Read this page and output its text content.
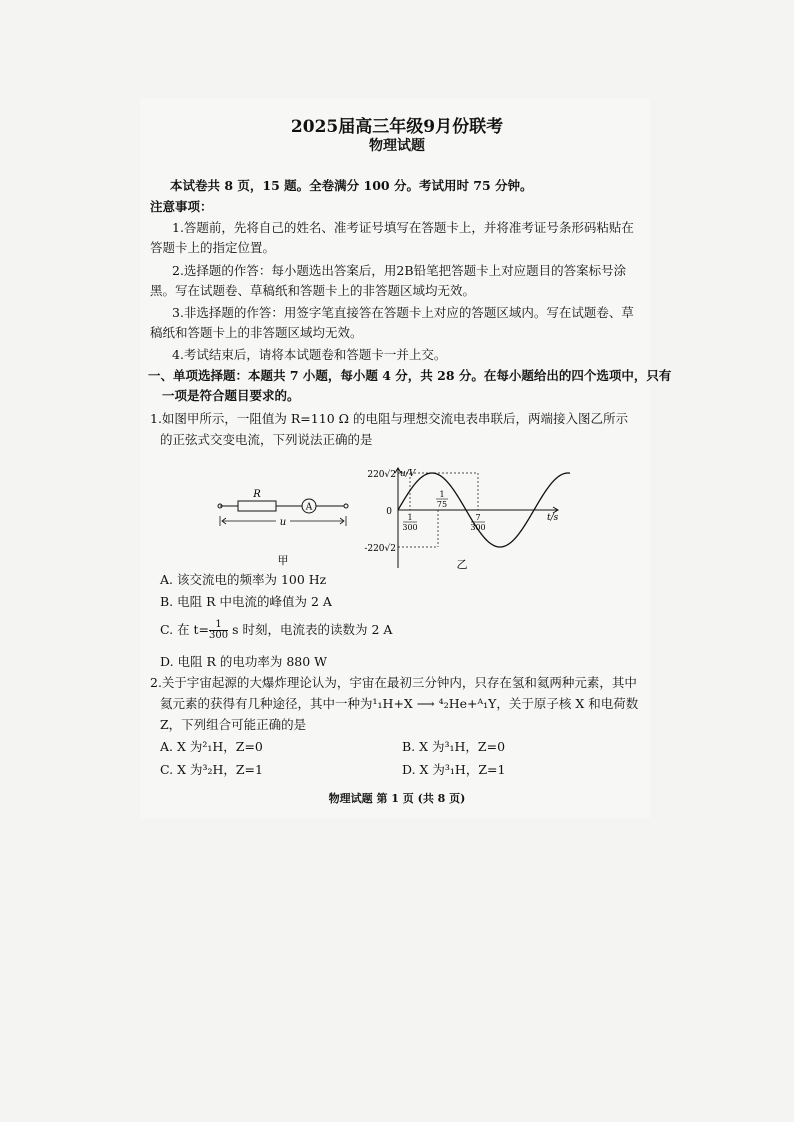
2025届高三年级9月份联考
物理试题
本试卷共 8 页，15 题。全卷满分 100 分。考试用时 75 分钟。
注意事项：
1.答题前，先将自己的姓名、准考证号填写在答题卡上，并将准考证号条形码粘贴在
答题卡上的指定位置。
2.选择题的作答：每小题选出答案后，用2B铅笔把答题卡上对应题目的答案标号涂
黑。写在试题卷、草稿纸和答题卡上的非答题区域均无效。
3.非选择题的作答：用签字笔直接答在答题卡上对应的答题区域内。写在试题卷、草
稿纸和答题卡上的非答题区域均无效。
4.考试结束后，请将本试题卷和答题卡一并上交。
一、单项选择题：本题共 7 小题，每小题 4 分，共 28 分。在每小题给出的四个选项中，只有
一项是符合题目要求的。
1.如图甲所示，一阻值为 R=110 Ω 的电阻与理想交流电表串联后，两端接入图乙所示
的正弦式交变电流，下列说法正确的是
R
A
u
甲
u/V
t/s
0
220√2
-220√2
1
300
1
75
7
300
乙
A. 该交流电的频率为 100 Hz
B. 电阻 R 中电流的峰值为 2 A
C. 在 $t= \frac{1}{300}$ s 时刻，电流表的读数为 2 A
D. 电阻 R 的电功率为 880 W
2.关于宇宙起源的大爆炸理论认为，宇宙在最初三分钟内，只存在氢和氦两种元素，其中
氦元素的获得有几种途径，其中一种为¹₁H+X ⟶ ⁴₂He+ᴬ₁Y，关于原子核 X 和电荷数
Z，下列组合可能正确的是
A. X 为²₁H，Z=0	B. X 为³₁H，Z=0
C. X 为³₂H，Z=1	D. X 为³₁H，Z=1
物理试题 第 1 页 (共 8 页)
